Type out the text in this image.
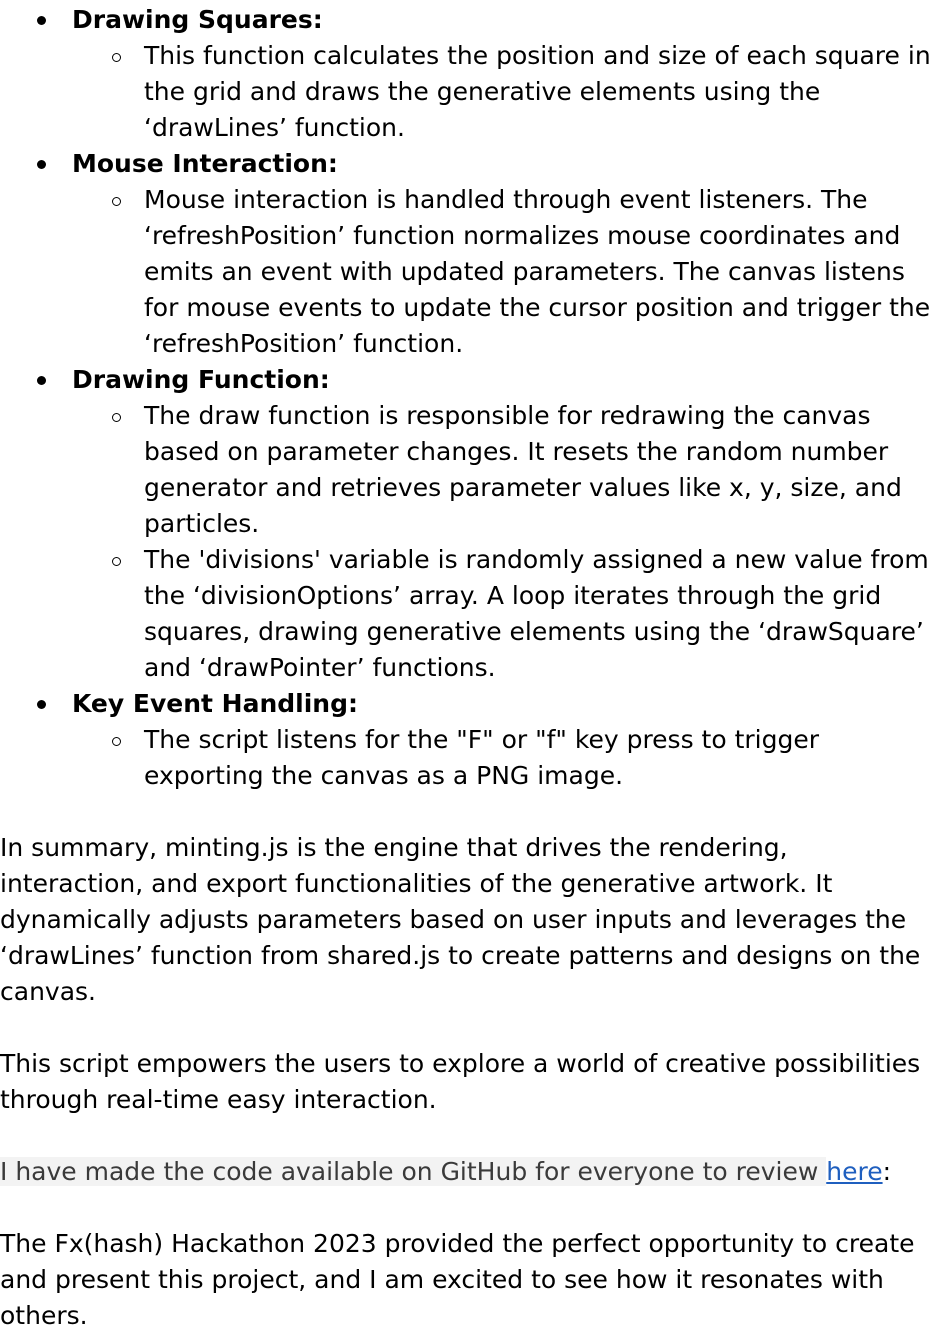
Drawing Squares:
This function calculates the position and size of each square in the grid and draws the generative elements using the ‘drawLines’ function.
Mouse Interaction:
Mouse interaction is handled through event listeners. The ‘refreshPosition’ function normalizes mouse coordinates and emits an event with updated parameters. The canvas listens for mouse events to update the cursor position and trigger the ‘refreshPosition’ function.
Drawing Function:
The draw function is responsible for redrawing the canvas based on parameter changes. It resets the random number generator and retrieves parameter values like x, y, size, and particles.
The 'divisions' variable is randomly assigned a new value from the ‘divisionOptions’ array. A loop iterates through the grid squares, drawing generative elements using the ‘drawSquare’ and ‘drawPointer’ functions.
Key Event Handling:
The script listens for the "F" or "f" key press to trigger exporting the canvas as a PNG image.

In summary, minting.js is the engine that drives the rendering, interaction, and export functionalities of the generative artwork. It dynamically adjusts parameters based on user inputs and leverages the ‘drawLines’ function from shared.js to create patterns and designs on the canvas.

This script empowers the users to explore a world of creative possibilities through real-time easy interaction.

I have made the code available on GitHub for everyone to review here:

The Fx(hash) Hackathon 2023 provided the perfect opportunity to create and present this project, and I am excited to see how it resonates with others.
